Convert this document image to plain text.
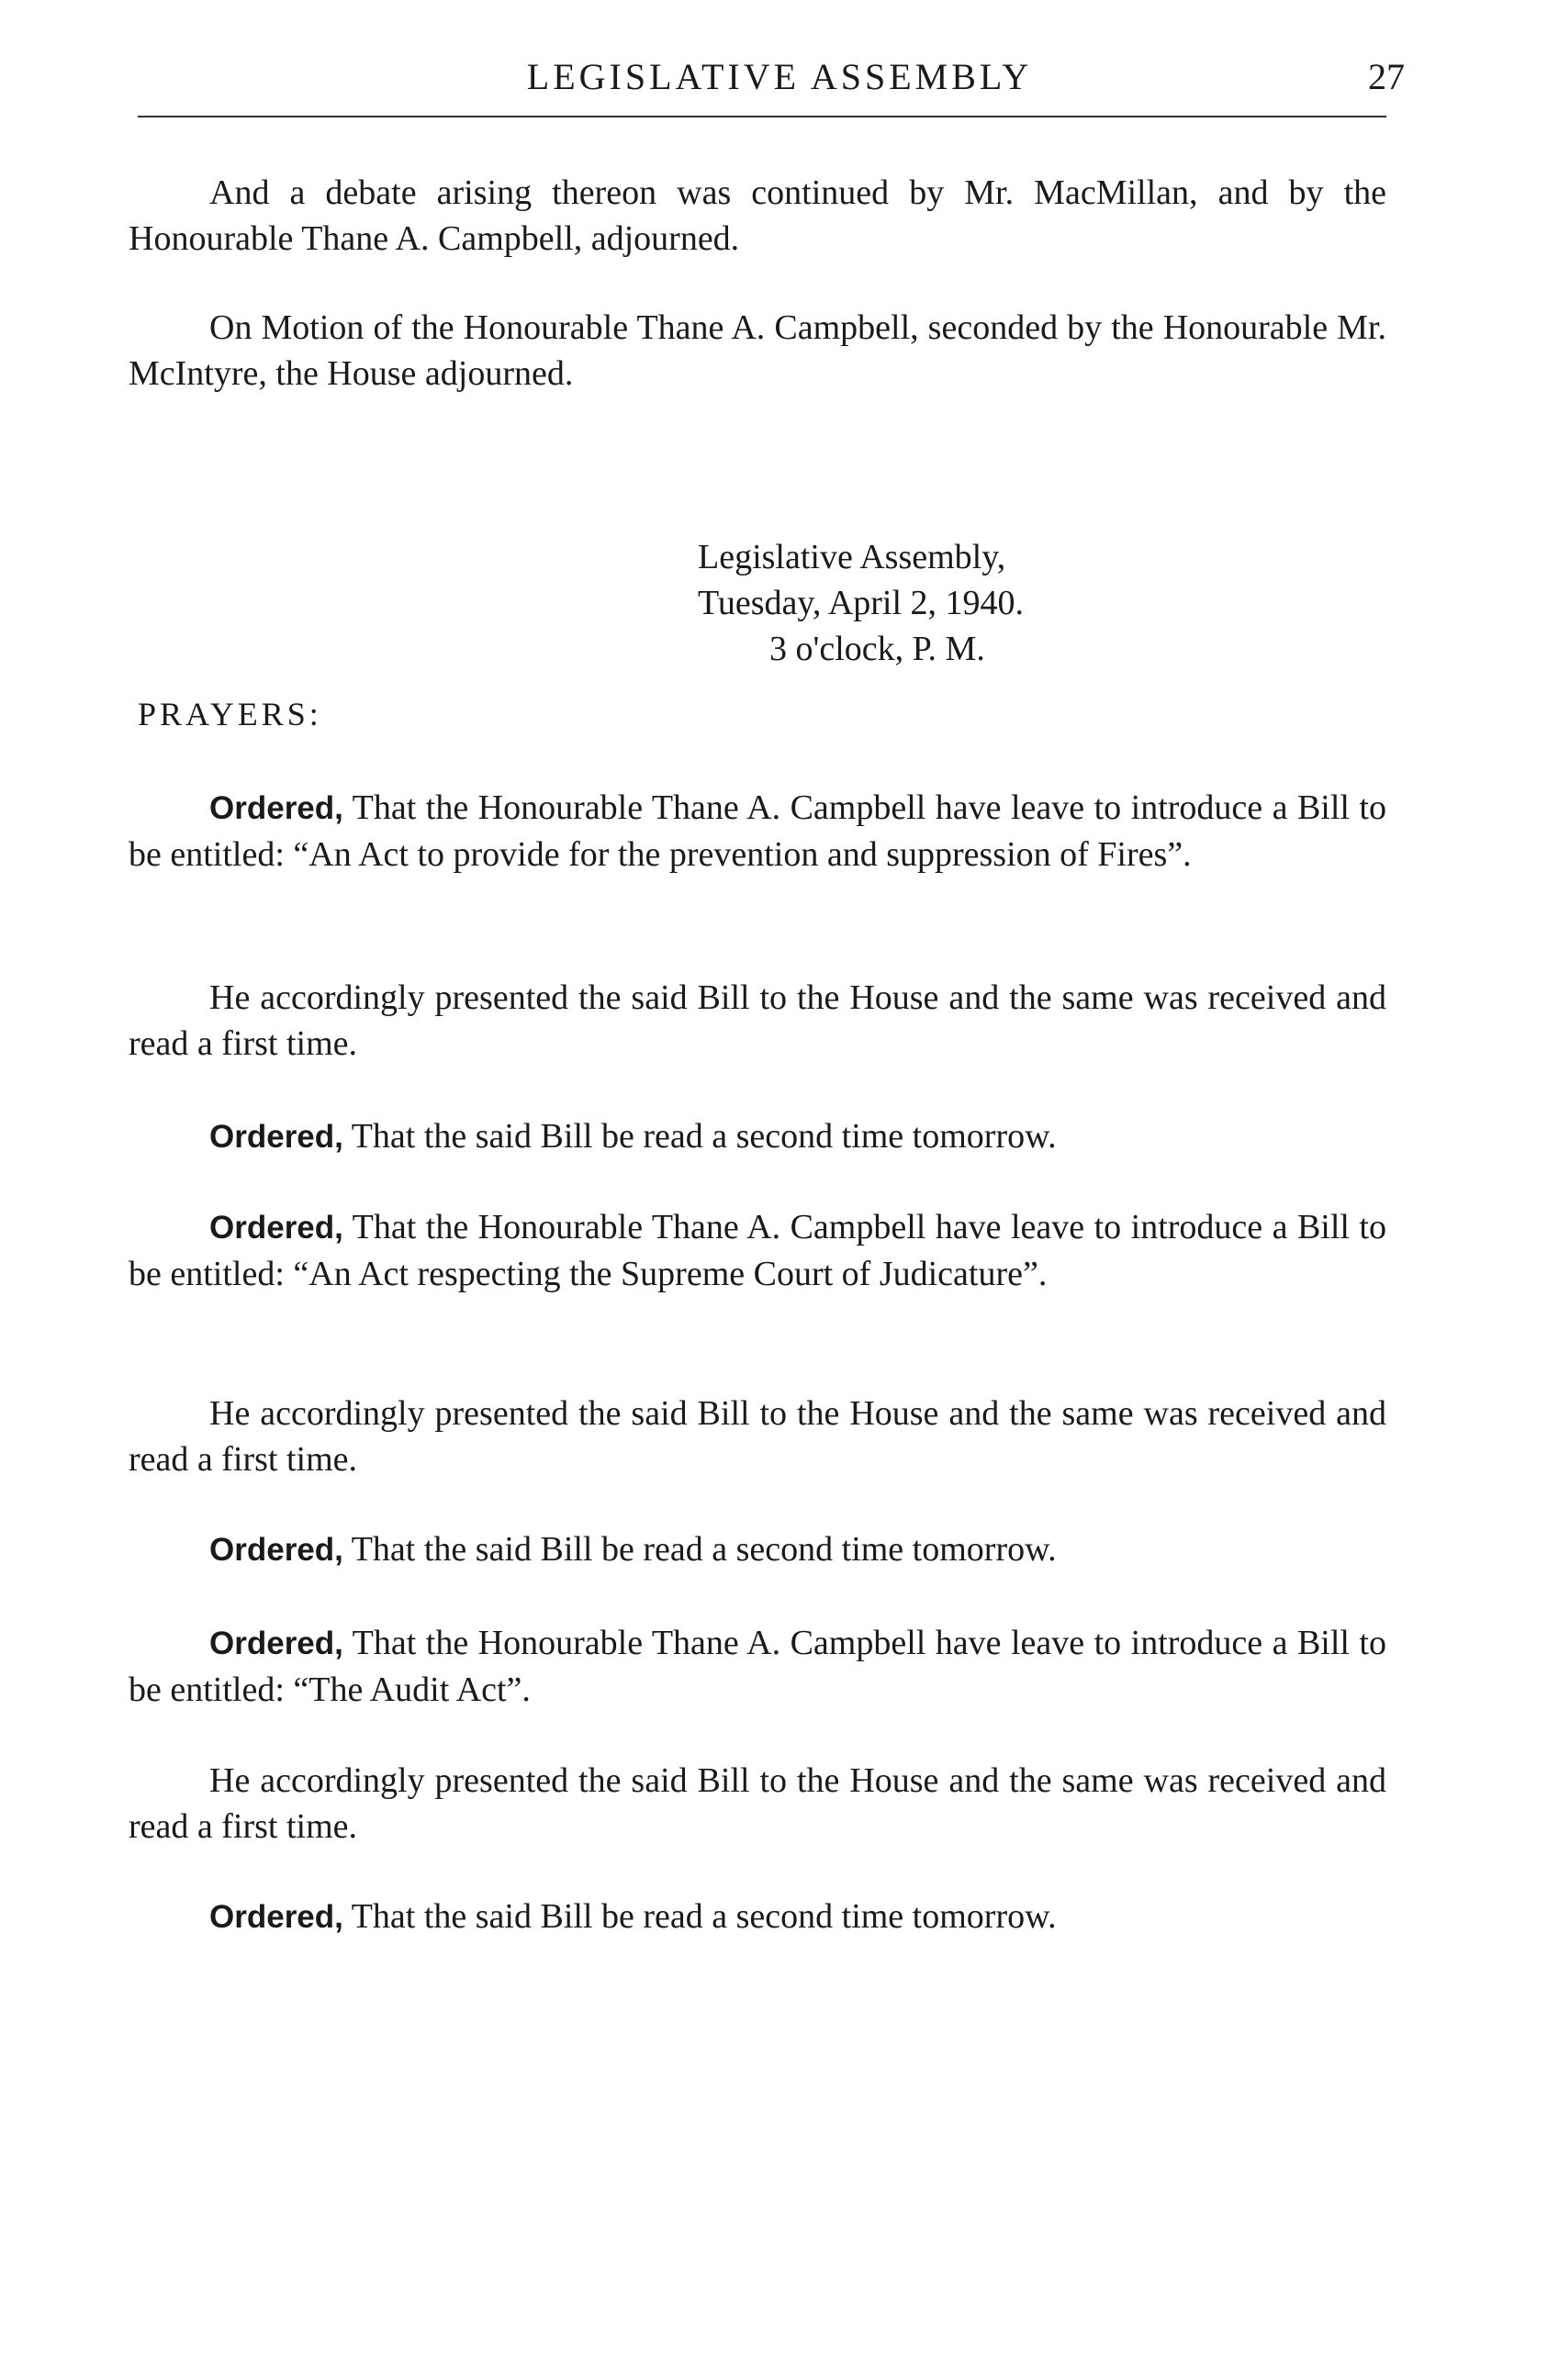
LEGISLATIVE ASSEMBLY	27
And a debate arising thereon was continued by Mr. MacMillan, and by the Honourable Thane A. Campbell, adjourned.
On Motion of the Honourable Thane A. Campbell, seconded by the Honourable Mr. McIntyre, the House adjourned.
Legislative Assembly,
Tuesday, April 2, 1940.
3 o'clock, P. M.
PRAYERS:
Ordered, That the Honourable Thane A. Campbell have leave to introduce a Bill to be entitled: “An Act to provide for the prevention and suppression of Fires”.
He accordingly presented the said Bill to the House and the same was received and read a first time.
Ordered, That the said Bill be read a second time tomorrow.
Ordered, That the Honourable Thane A. Campbell have leave to introduce a Bill to be entitled: “An Act respecting the Supreme Court of Judicature”.
He accordingly presented the said Bill to the House and the same was received and read a first time.
Ordered, That the said Bill be read a second time tomorrow.
Ordered, That the Honourable Thane A. Campbell have leave to introduce a Bill to be entitled: “The Audit Act”.
He accordingly presented the said Bill to the House and the same was received and read a first time.
Ordered, That the said Bill be read a second time tomorrow.
